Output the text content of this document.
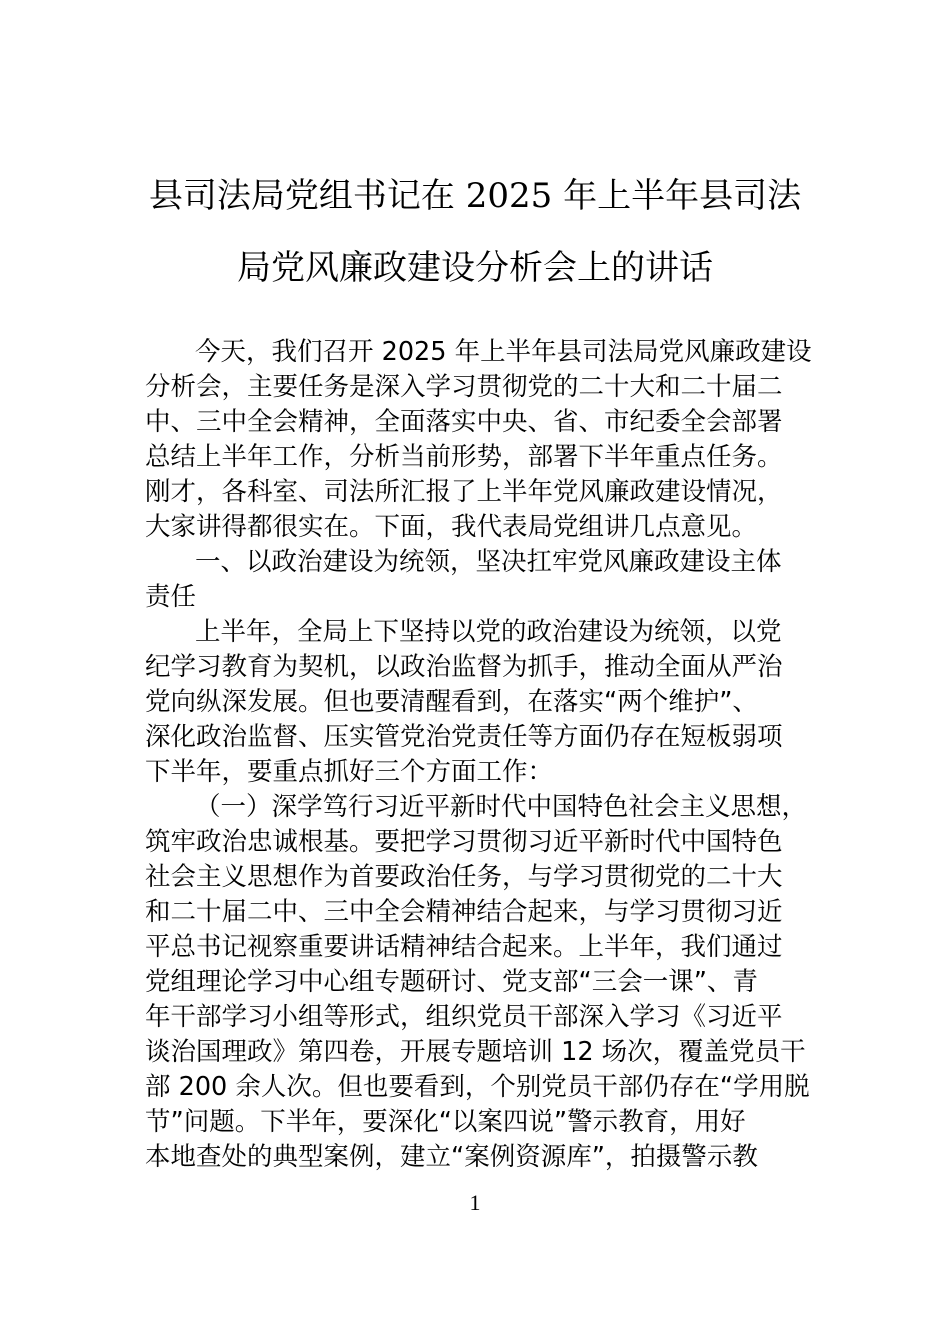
县司法局党组书记在 2025 年上半年县司法
局党风廉政建设分析会上的讲话
今天，我们召开 2025 年上半年县司法局党风廉政建设
分析会，主要任务是深入学习贯彻党的二十大和二十届二
中、三中全会精神，全面落实中央、省、市纪委全会部署
总结上半年工作，分析当前形势，部署下半年重点任务。
刚才，各科室、司法所汇报了上半年党风廉政建设情况，
大家讲得都很实在。下面，我代表局党组讲几点意见。
一、以政治建设为统领，坚决扛牢党风廉政建设主体
责任
上半年，全局上下坚持以党的政治建设为统领，以党
纪学习教育为契机，以政治监督为抓手，推动全面从严治
党向纵深发展。但也要清醒看到，在落实“两个维护”、
深化政治监督、压实管党治党责任等方面仍存在短板弱项
下半年，要重点抓好三个方面工作：
（一）深学笃行习近平新时代中国特色社会主义思想，
筑牢政治忠诚根基。要把学习贯彻习近平新时代中国特色
社会主义思想作为首要政治任务，与学习贯彻党的二十大
和二十届二中、三中全会精神结合起来，与学习贯彻习近
平总书记视察重要讲话精神结合起来。上半年，我们通过
党组理论学习中心组专题研讨、党支部“三会一课”、青
年干部学习小组等形式，组织党员干部深入学习《习近平
谈治国理政》第四卷，开展专题培训 12 场次，覆盖党员干
部 200 余人次。但也要看到，个别党员干部仍存在“学用脱
节”问题。下半年，要深化“以案四说”警示教育，用好
本地查处的典型案例，建立“案例资源库”，拍摄警示教
1
